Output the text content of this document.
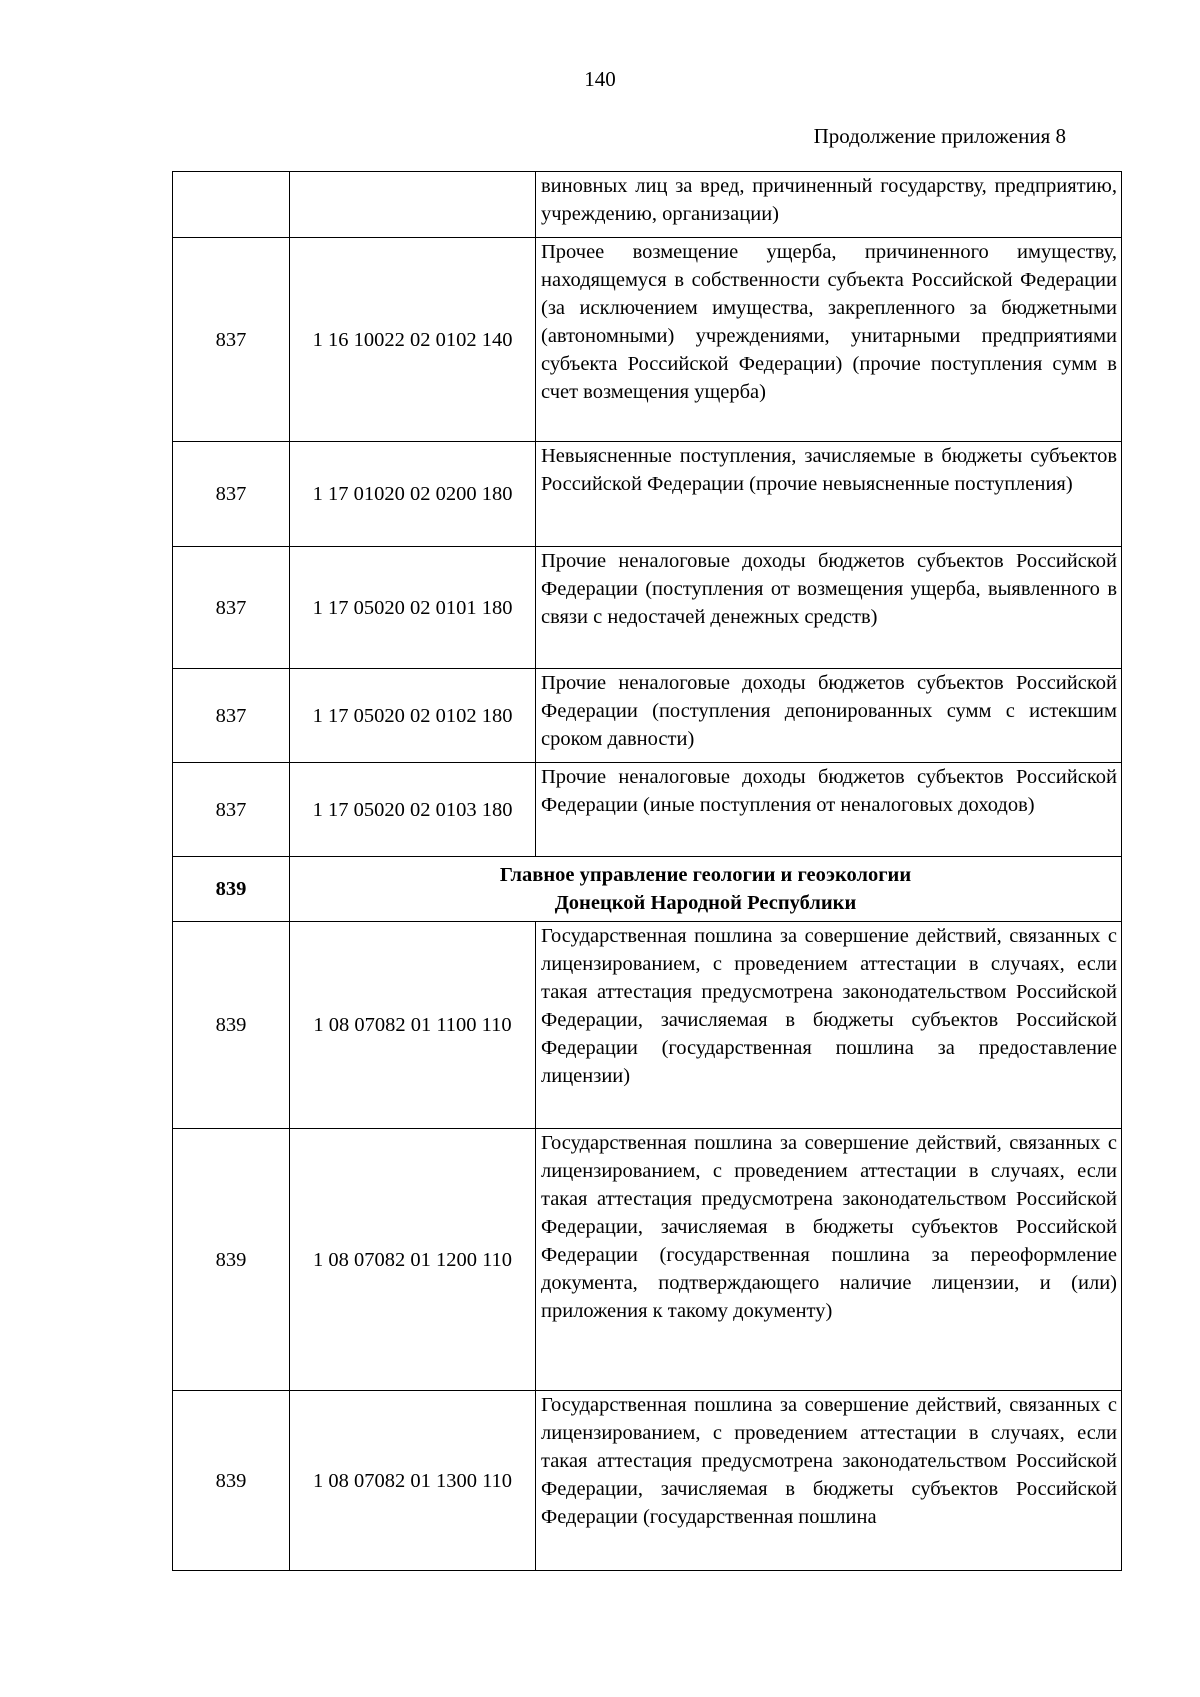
140
Продолжение приложения 8
		виновных лиц за вред, причиненный государству, предприятию, учреждению, организации)
837	1 16 10022 02 0102 140	Прочее возмещение ущерба, причиненного имуществу, находящемуся в собственности субъекта Российской Федерации (за исключением имущества, закрепленного за бюджетными (автономными) учреждениями, унитарными предприятиями субъекта Российской Федерации) (прочие поступления сумм в счет возмещения ущерба)
837	1 17 01020 02 0200 180	Невыясненные поступления, зачисляемые в бюджеты субъектов Российской Федерации (прочие невыясненные поступления)
837	1 17 05020 02 0101 180	Прочие неналоговые доходы бюджетов субъектов Российской Федерации (поступления от возмещения ущерба, выявленного в связи с недостачей денежных средств)
837	1 17 05020 02 0102 180	Прочие неналоговые доходы бюджетов субъектов Российской Федерации (поступления депонированных сумм с истекшим сроком давности)
837	1 17 05020 02 0103 180	Прочие неналоговые доходы бюджетов субъектов Российской Федерации (иные поступления от неналоговых доходов)
839	Главное управление геологии и геоэкологии
Донецкой Народной Республики	

839	1 08 07082 01 1100 110	Государственная пошлина за совершение действий, связанных с лицензированием, с проведением аттестации в случаях, если такая аттестация предусмотрена законодательством Российской Федерации, зачисляемая в бюджеты субъектов Российской Федерации (государственная пошлина за предоставление лицензии)
839	1 08 07082 01 1200 110	Государственная пошлина за совершение действий, связанных с лицензированием, с проведением аттестации в случаях, если такая аттестация предусмотрена законодательством Российской Федерации, зачисляемая в бюджеты субъектов Российской Федерации (государственная пошлина за переоформление документа, подтверждающего наличие лицензии, и (или) приложения к такому документу)
839	1 08 07082 01 1300 110	Государственная пошлина за совершение действий, связанных с лицензированием, с проведением аттестации в случаях, если такая аттестация предусмотрена законодательством Российской Федерации, зачисляемая в бюджеты субъектов Российской Федерации (государственная пошлина
